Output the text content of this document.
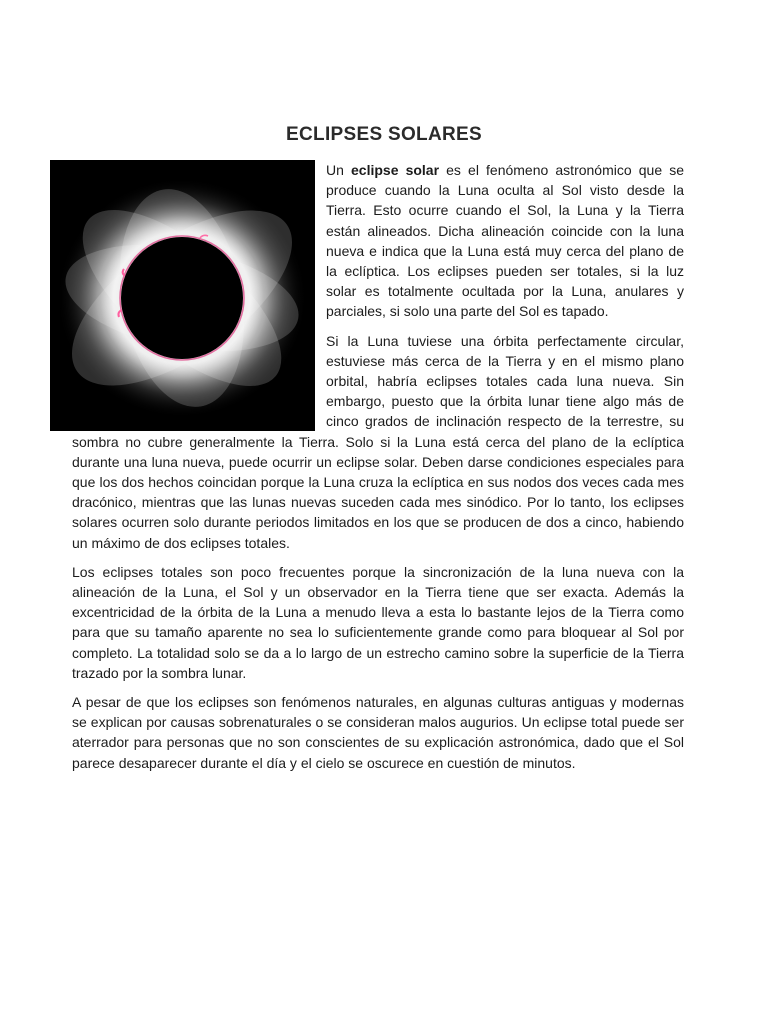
ECLIPSES SOLARES

Un eclipse solar es el fenómeno astronómico que se produce cuando la Luna oculta al Sol visto desde la Tierra. Esto ocurre cuando el Sol, la Luna y la Tierra están alineados. Dicha alineación coincide con la luna nueva e indica que la Luna está muy cerca del plano de la eclíptica. Los eclipses pueden ser totales, si la luz solar es totalmente ocultada por la Luna, anulares y parciales, si solo una parte del Sol es tapado.

Si la Luna tuviese una órbita perfectamente circular, estuviese más cerca de la Tierra y en el mismo plano orbital, habría eclipses totales cada luna nueva. Sin embargo, puesto que la órbita lunar tiene algo más de cinco grados de inclinación respecto de la terrestre, su sombra no cubre generalmente la Tierra. Solo si la Luna está cerca del plano de la eclíptica durante una luna nueva, puede ocurrir un eclipse solar. Deben darse condiciones especiales para que los dos hechos coincidan porque la Luna cruza la eclíptica en sus nodos dos veces cada mes dracónico, mientras que las lunas nuevas suceden cada mes sinódico. Por lo tanto, los eclipses solares ocurren solo durante periodos limitados en los que se producen de dos a cinco, habiendo un máximo de dos eclipses totales.

Los eclipses totales son poco frecuentes porque la sincronización de la luna nueva con la alineación de la Luna, el Sol y un observador en la Tierra tiene que ser exacta. Además la excentricidad de la órbita de la Luna a menudo lleva a esta lo bastante lejos de la Tierra como para que su tamaño aparente no sea lo suficientemente grande como para bloquear al Sol por completo. La totalidad solo se da a lo largo de un estrecho camino sobre la superficie de la Tierra trazado por la sombra lunar.

A pesar de que los eclipses son fenómenos naturales, en algunas culturas antiguas y modernas se explican por causas sobrenaturales o se consideran malos augurios. Un eclipse total puede ser aterrador para personas que no son conscientes de su explicación astronómica, dado que el Sol parece desaparecer durante el día y el cielo se oscurece en cuestión de minutos.
